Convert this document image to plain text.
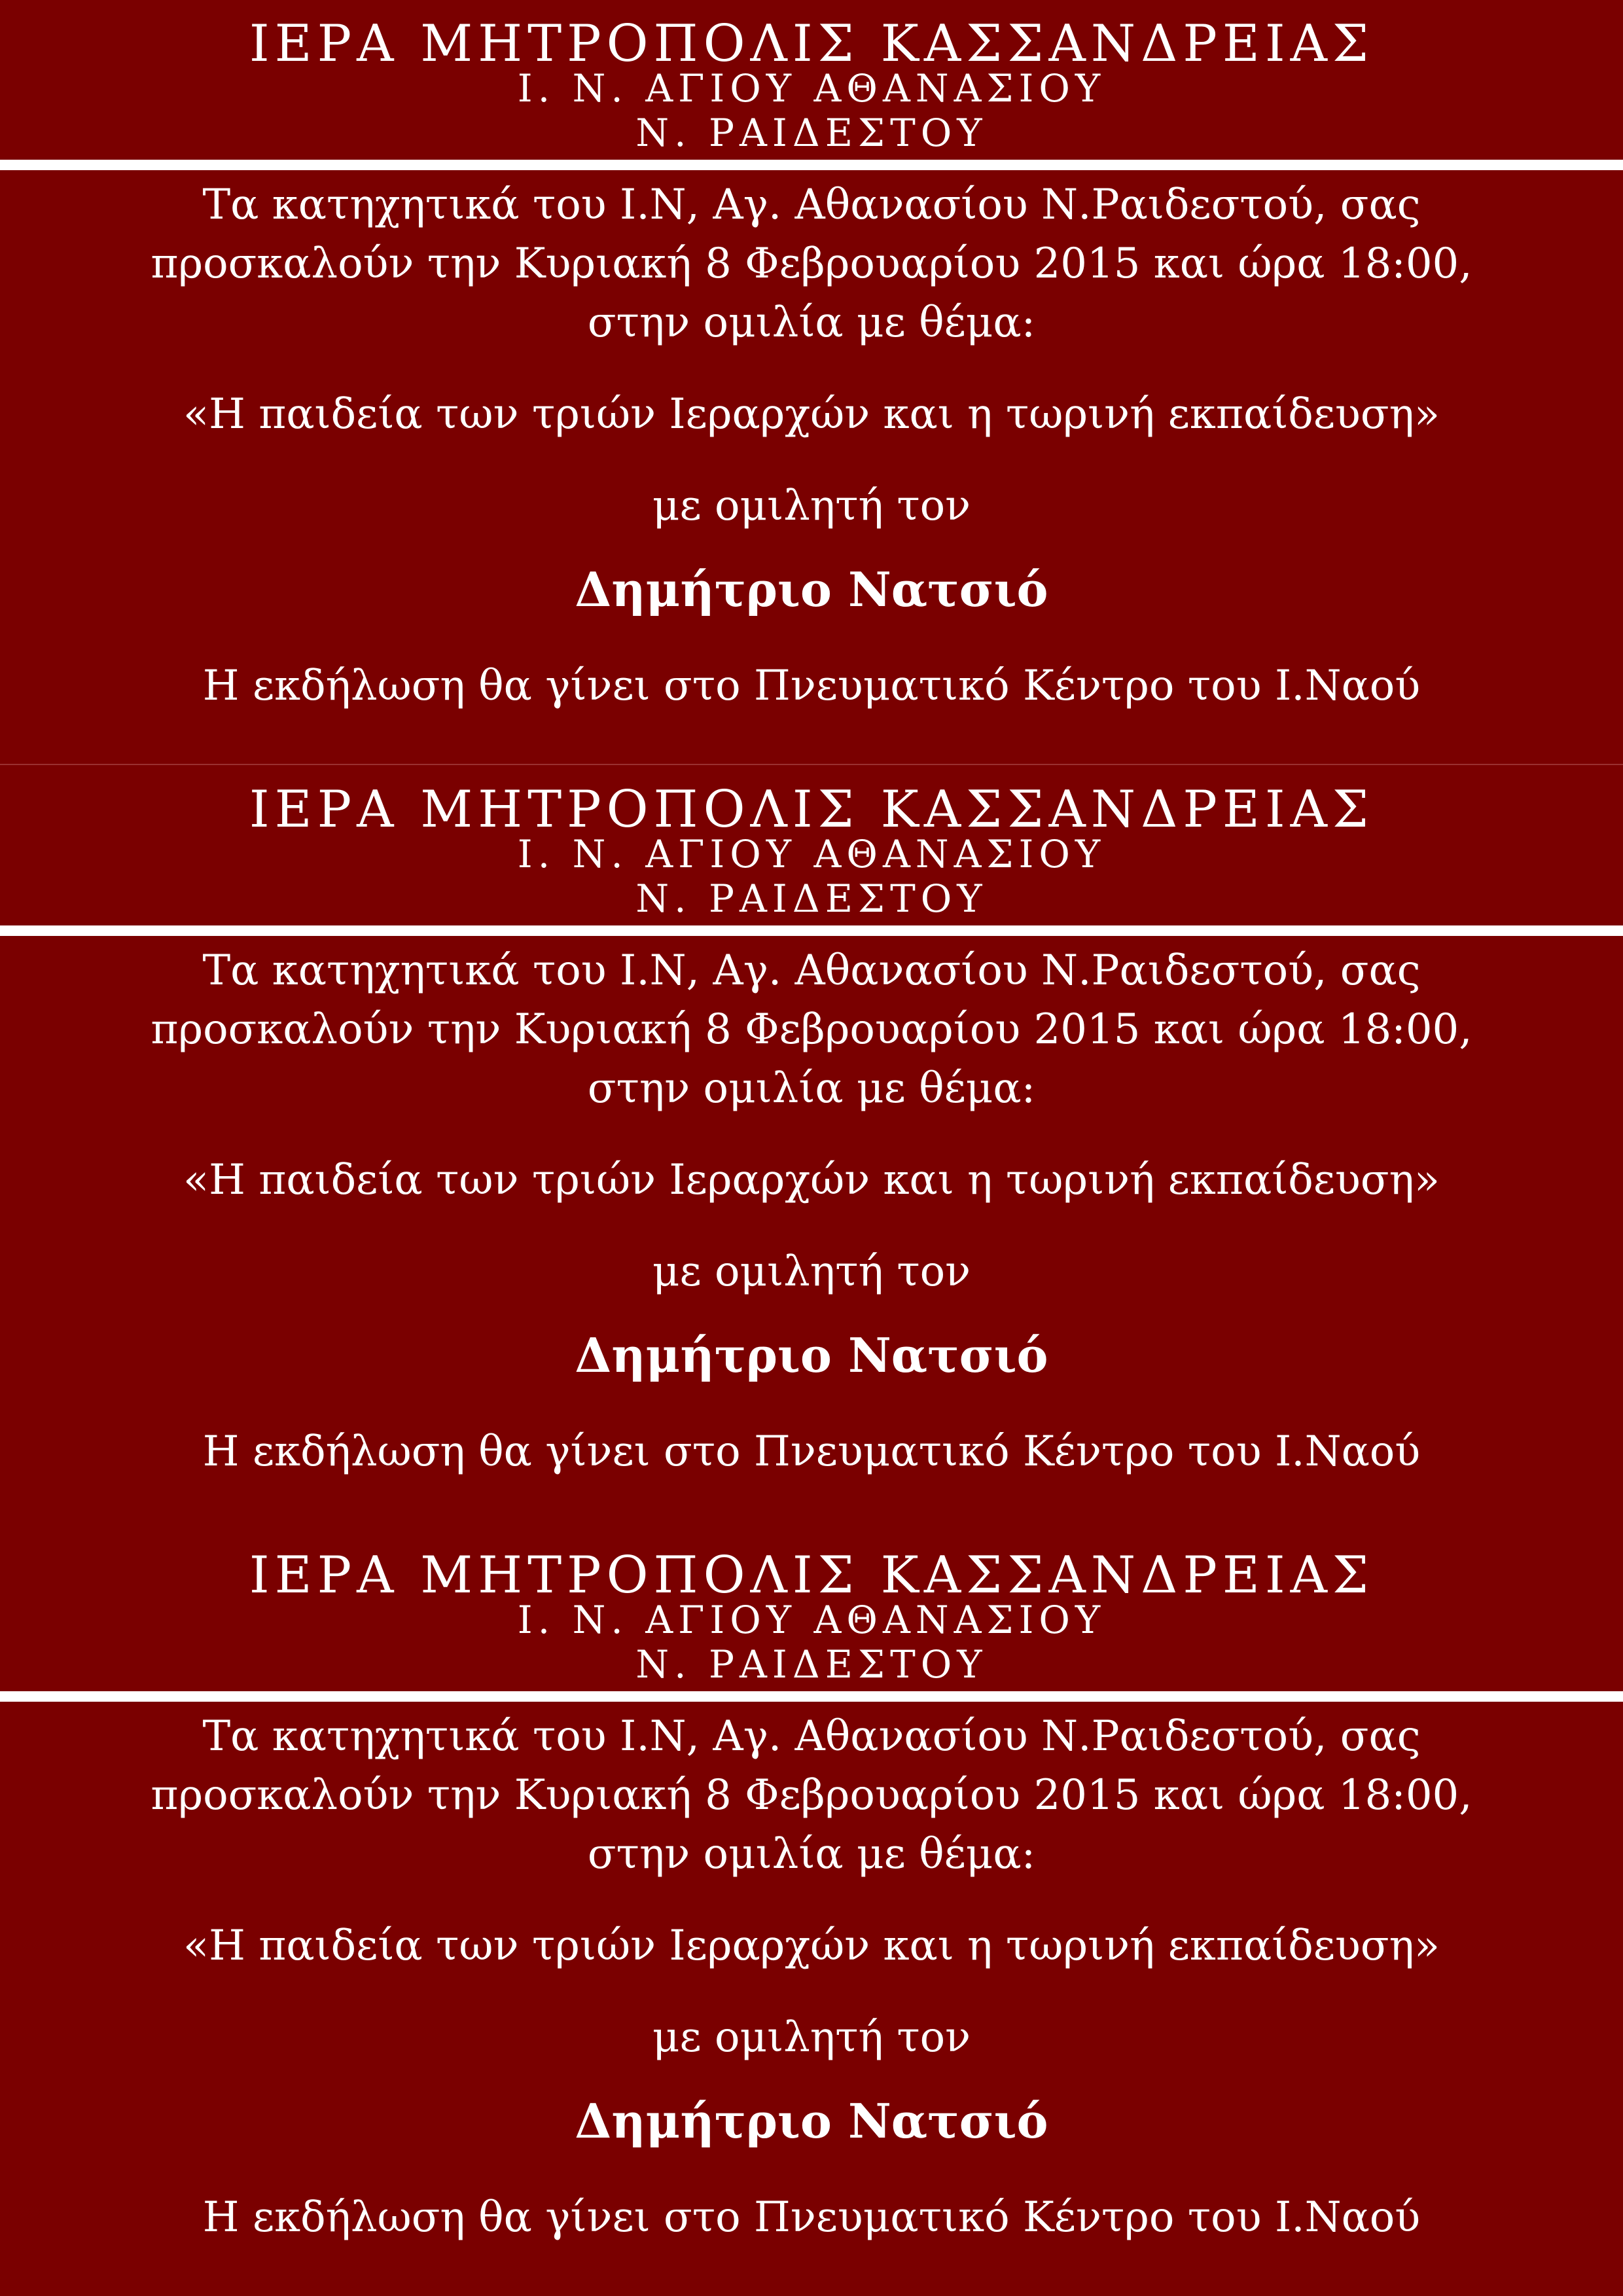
ΙΕΡΑ ΜΗΤΡΟΠΟΛΙΣ ΚΑΣΣΑΝΔΡΕΙΑΣ
Ι. Ν. ΑΓΙΟΥ ΑΘΑΝΑΣΙΟΥ
Ν. ΡΑΙΔΕΣΤΟΥ
Τα κατηχητικά του Ι.Ν, Αγ. Αθανασίου Ν.Ραιδεστού, σας
προσκαλούν την Κυριακή 8 Φεβρουαρίου 2015 και ώρα 18:00,
στην ομιλία με θέμα:
«Η παιδεία των τριών Ιεραρχών και η τωρινή εκπαίδευση»
με ομιλητή τον
Δημήτριο Νατσιό
Η εκδήλωση θα γίνει στο Πνευματικό Κέντρο του Ι.Ναού
ΙΕΡΑ ΜΗΤΡΟΠΟΛΙΣ ΚΑΣΣΑΝΔΡΕΙΑΣ
Ι. Ν. ΑΓΙΟΥ ΑΘΑΝΑΣΙΟΥ
Ν. ΡΑΙΔΕΣΤΟΥ
Τα κατηχητικά του Ι.Ν, Αγ. Αθανασίου Ν.Ραιδεστού, σας
προσκαλούν την Κυριακή 8 Φεβρουαρίου 2015 και ώρα 18:00,
στην ομιλία με θέμα:
«Η παιδεία των τριών Ιεραρχών και η τωρινή εκπαίδευση»
με ομιλητή τον
Δημήτριο Νατσιό
Η εκδήλωση θα γίνει στο Πνευματικό Κέντρο του Ι.Ναού
ΙΕΡΑ ΜΗΤΡΟΠΟΛΙΣ ΚΑΣΣΑΝΔΡΕΙΑΣ
Ι. Ν. ΑΓΙΟΥ ΑΘΑΝΑΣΙΟΥ
Ν. ΡΑΙΔΕΣΤΟΥ
Τα κατηχητικά του Ι.Ν, Αγ. Αθανασίου Ν.Ραιδεστού, σας
προσκαλούν την Κυριακή 8 Φεβρουαρίου 2015 και ώρα 18:00,
στην ομιλία με θέμα:
«Η παιδεία των τριών Ιεραρχών και η τωρινή εκπαίδευση»
με ομιλητή τον
Δημήτριο Νατσιό
Η εκδήλωση θα γίνει στο Πνευματικό Κέντρο του Ι.Ναού
